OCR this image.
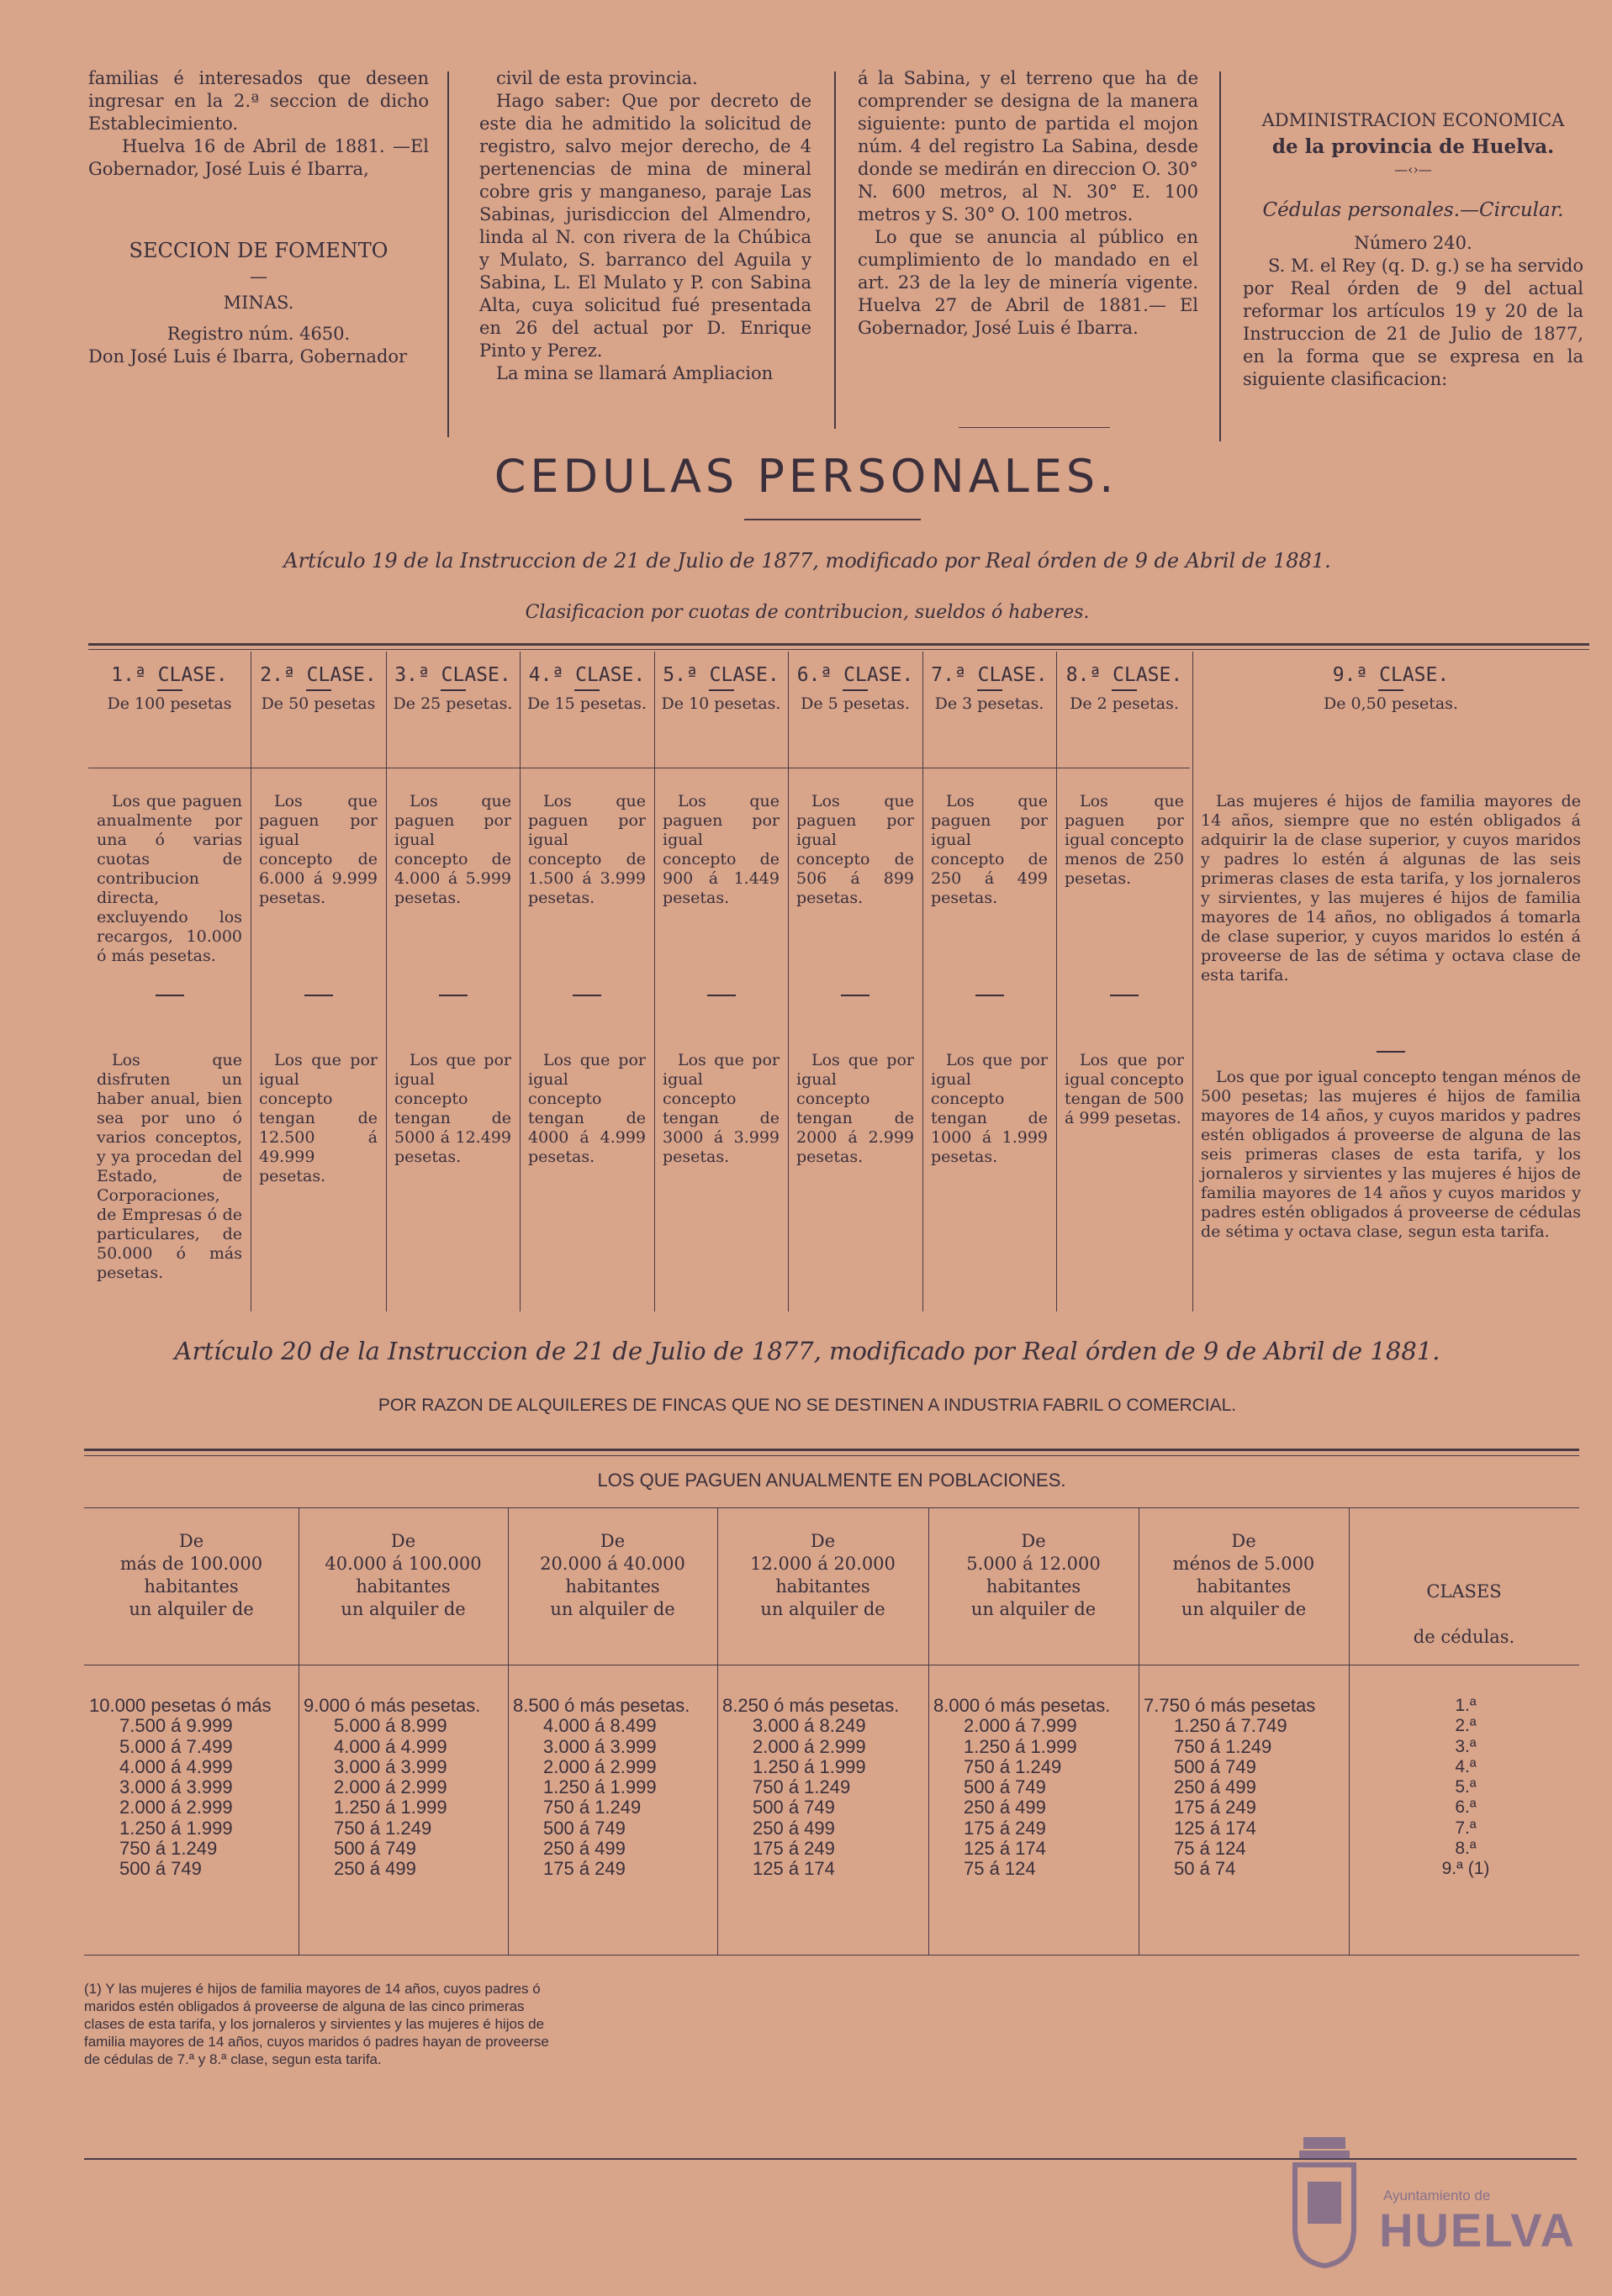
familias é interesados que deseen ingresar en la 2.ª seccion de dicho Establecimiento.

Huelva 16 de Abril de 1881. —El Gobernador, José Luis é Ibarra,

SECCION DE FOMENTO
—
MINAS.
Registro núm. 4650.

Don José Luis é Ibarra, Gobernador

civil de esta provincia.

Hago saber: Que por decreto de este dia he admitido la solicitud de registro, salvo mejor derecho, de 4 pertenencias de mina de mineral cobre gris y manganeso, paraje Las Sabinas, jurisdiccion del Almendro, linda al N. con rivera de la Chúbica y Mulato, S. barranco del Aguila y Sabina, L. El Mulato y P. con Sabina Alta, cuya solicitud fué presentada en 26 del actual por D. Enrique Pinto y Perez.

La mina se llamará Ampliacion

á la Sabina, y el terreno que ha de comprender se designa de la manera siguiente: punto de partida el mojon núm. 4 del registro La Sabina, desde donde se medirán en direccion O. 30° N. 600 metros, al N. 30° E. 100 metros y S. 30° O. 100 metros.

Lo que se anuncia al público en cumplimiento de lo mandado en el art. 23 de la ley de minería vigente. Huelva 27 de Abril de 1881.— El Gobernador, José Luis é Ibarra.

ADMINISTRACION ECONOMICA
de la provincia de Huelva.
—‹›—
Cédulas personales.—Circular.
Número 240.

S. M. el Rey (q. D. g.) se ha servido por Real órden de 9 del actual reformar los artículos 19 y 20 de la Instruccion de 21 de Julio de 1877, en la forma que se expresa en la siguiente clasificacion:

CEDULAS PERSONALES.
Artículo 19 de la Instruccion de 21 de Julio de 1877, modificado por Real órden de 9 de Abril de 1881.
Clasificacion por cuotas de contribucion, sueldos ó haberes.
1.ª CLASE.
De 100 pesetas
Los que paguen anualmente por una ó varias cuotas de contribucion directa, excluyendo los recargos, 10.000 ó más pesetas.
Los que disfruten un haber anual, bien sea por uno ó varios conceptos, y ya procedan del Estado, de Corporaciones, de Empresas ó de particulares, de 50.000 ó más pesetas.
2.ª CLASE.
De 50 pesetas
Los que paguen por igual concepto de 6.000 á 9.999 pesetas.
Los que por igual concepto tengan de 12.500 á 49.999 pesetas.
3.ª CLASE.
De 25 pesetas.
Los que paguen por igual concepto de 4.000 á 5.999 pesetas.
Los que por igual concepto tengan de 5000 á 12.499 pesetas.
4.ª CLASE.
De 15 pesetas.
Los que paguen por igual concepto de 1.500 á 3.999 pesetas.
Los que por igual concepto tengan de 4000 á 4.999 pesetas.
5.ª CLASE.
De 10 pesetas.
Los que paguen por igual concepto de 900 á 1.449 pesetas.
Los que por igual concepto tengan de 3000 á 3.999 pesetas.
6.ª CLASE.
De 5 pesetas.
Los que paguen por igual concepto de 506 á 899 pesetas.
Los que por igual concepto tengan de 2000 á 2.999 pesetas.
7.ª CLASE.
De 3 pesetas.
Los que paguen por igual concepto de 250 á 499 pesetas.
Los que por igual concepto tengan de 1000 á 1.999 pesetas.
8.ª CLASE.
De 2 pesetas.
Los que paguen por igual concepto menos de 250 pesetas.
Los que por igual concepto tengan de 500 á 999 pesetas.
9.ª CLASE.
De 0,50 pesetas.
Las mujeres é hijos de familia mayores de 14 años, siempre que no estén obligados á adquirir la de clase superior, y cuyos maridos y padres lo estén á algunas de las seis primeras clases de esta tarifa, y los jornaleros y sirvientes, y las mujeres é hijos de familia mayores de 14 años, no obligados á tomarla de clase superior, y cuyos maridos lo estén á proveerse de las de sétima y octava clase de esta tarifa.
Los que por igual concepto tengan ménos de 500 pesetas; las mujeres é hijos de familia mayores de 14 años, y cuyos maridos y padres estén obligados á proveerse de alguna de las seis primeras clases de esta tarifa, y los jornaleros y sirvientes y las mujeres é hijos de familia mayores de 14 años y cuyos maridos y padres estén obligados á proveerse de cédulas de sétima y octava clase, segun esta tarifa.
Artículo 20 de la Instruccion de 21 de Julio de 1877, modificado por Real órden de 9 de Abril de 1881.
POR RAZON DE ALQUILERES DE FINCAS QUE NO SE DESTINEN A INDUSTRIA FABRIL O COMERCIAL.
LOS QUE PAGUEN ANUALMENTE EN POBLACIONES.
De
más de 100.000
habitantes
un alquiler de
10.000 pesetas ó más
7.500 á 9.999
5.000 á 7.499
4.000 á 4.999
3.000 á 3.999
2.000 á 2.999
1.250 á 1.999
750 á 1.249
500 á 749
De
40.000 á 100.000
habitantes
un alquiler de
9.000 ó más pesetas.
5.000 á 8.999
4.000 á 4.999
3.000 á 3.999
2.000 á 2.999
1.250 á 1.999
750 á 1.249
500 á 749
250 á 499
De
20.000 á 40.000
habitantes
un alquiler de
8.500 ó más pesetas.
4.000 á 8.499
3.000 á 3.999
2.000 á 2.999
1.250 á 1.999
750 á 1.249
500 á 749
250 á 499
175 á 249
De
12.000 á 20.000
habitantes
un alquiler de
8.250 ó más pesetas.
3.000 á 8.249
2.000 á 2.999
1.250 á 1.999
750 á 1.249
500 á 749
250 á 499
175 á 249
125 á 174
De
5.000 á 12.000
habitantes
un alquiler de
8.000 ó más pesetas.
2.000 á 7.999
1.250 á 1.999
750 á 1.249
500 á 749
250 á 499
175 á 249
125 á 174
75 á 124
De
ménos de 5.000
habitantes
un alquiler de
7.750 ó más pesetas
1.250 á 7.749
750 á 1.249
500 á 749
250 á 499
175 á 249
125 á 174
75 á 124
50 á 74
CLASES

de cédulas.
1.ª
2.ª
3.ª
4.ª
5.ª
6.ª
7.ª
8.ª
9.ª (1)
(1) Y las mujeres é hijos de familia mayores de 14 años, cuyos padres ó maridos estén obligados á proveerse de alguna de las cinco primeras clases de esta tarifa, y los jornaleros y sirvientes y las mujeres é hijos de familia mayores de 14 años, cuyos maridos ó padres hayan de proveerse de cédulas de 7.ª y 8.ª clase, segun esta tarifa.
Ayuntamiento de
HUELVA
